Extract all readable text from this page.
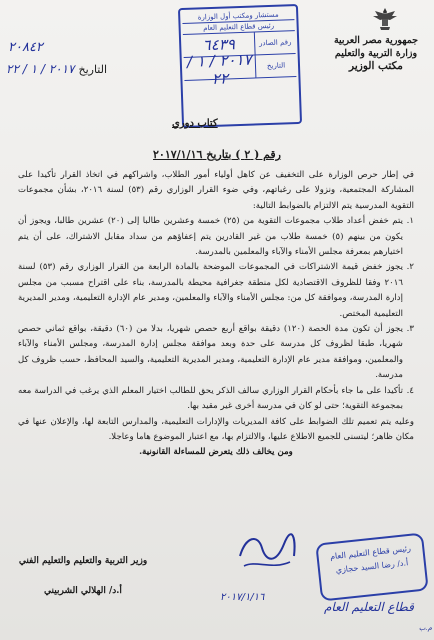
جمهورية مصر العربية
وزارة التربية والتعليم
مكتب الوزير
مستشار ومكتب أول الوزارة
رئيس قطاع التعليم العام
رقم الصادر
٦٤٣٩
التاريخ
٢٠١٧ / ١ / ٢٢
٢٠٨٤٢
التاريخ
٢٠١٧ / ١ / ٢٢
كتاب دوري
رقم ( ٢ ) بتاريخ ٢٠١٧/١/١٦

في إطار حرص الوزارة على التخفيف عن كاهل أولياء أمور الطلاب، واشراكهم في اتخاذ القرار تأكيدا على المشاركة المجتمعية، ونزولا على رغباتهم، وفي ضوء القرار الوزاري رقم (٥٣) لسنة ٢٠١٦، بشأن مجموعات التقوية المدرسية يتم الالتزام بالضوابط التالية:

١.
يتم خفض أعداد طلاب مجموعات التقوية من (٢٥) خمسة وعشرين طالبا إلى (٢٠) عشرين طالبا، ويجوز أن يكون من بينهم (٥) خمسة طلاب من غير القادرين يتم إعفاؤهم من سداد مقابل الاشتراك، على أن يتم اختيارهم بمعرفة مجلس الأمناء والآباء والمعلمين بالمدرسة.
٢.
يجوز خفض قيمة الاشتراكات في المجموعات الموضحة بالمادة الرابعة من القرار الوزاري رقم (٥٣) لسنة ٢٠١٦ وفقا للظروف الاقتصادية لكل منطقة جغرافية محيطة بالمدرسة، بناء على اقتراح مسبب من مجلس إدارة المدرسة، وموافقة كل من: مجلس الأمناء والآباء والمعلمين، ومدير عام الإدارة التعليمية، ومدير المديرية التعليمية المختص.
٣.
يجوز أن تكون مدة الحصة (١٢٠) دقيقة بواقع أربع حصص شهريا، بدلا من (٦٠) دقيقة، بواقع ثماني حصص شهريا، طبقا لظروف كل مدرسة على حدة وبعد موافقة مجلس إدارة المدرسة، ومجلس الأمناء والآباء والمعلمين، وموافقة مدير عام الإدارة التعليمية، ومدير المديرية التعليمية، والسيد المحافظ، حسب ظروف كل مدرسة.
٤.
تأكيدا على ما جاء بأحكام القرار الوزاري سالف الذكر يحق للطالب اختيار المعلم الذي يرغب في الدراسة معه بمجموعة التقوية؛ حتى لو كان في مدرسة أخرى غير مقيد بها.

وعليه يتم تعميم تلك الضوابط على كافة المديريات والإدارات التعليمية، والمدارس التابعة لها، والإعلان عنها في مكان ظاهر؛ ليتسنى للجميع الاطلاع عليها، والالتزام بها، مع اعتبار الموضوع هاما وعاجلا.

ومن يخالف ذلك يتعرض للمساءلة القانونية.

وزير التربية والتعليم والتعليم الفني
أ.د/ الهلالي الشربيني
٢٠١٧/١/١٦
رئيس قطاع التعليم العام
أ.د/ رضا السيد حجازي
قطاع التعليم العام
م.ب
